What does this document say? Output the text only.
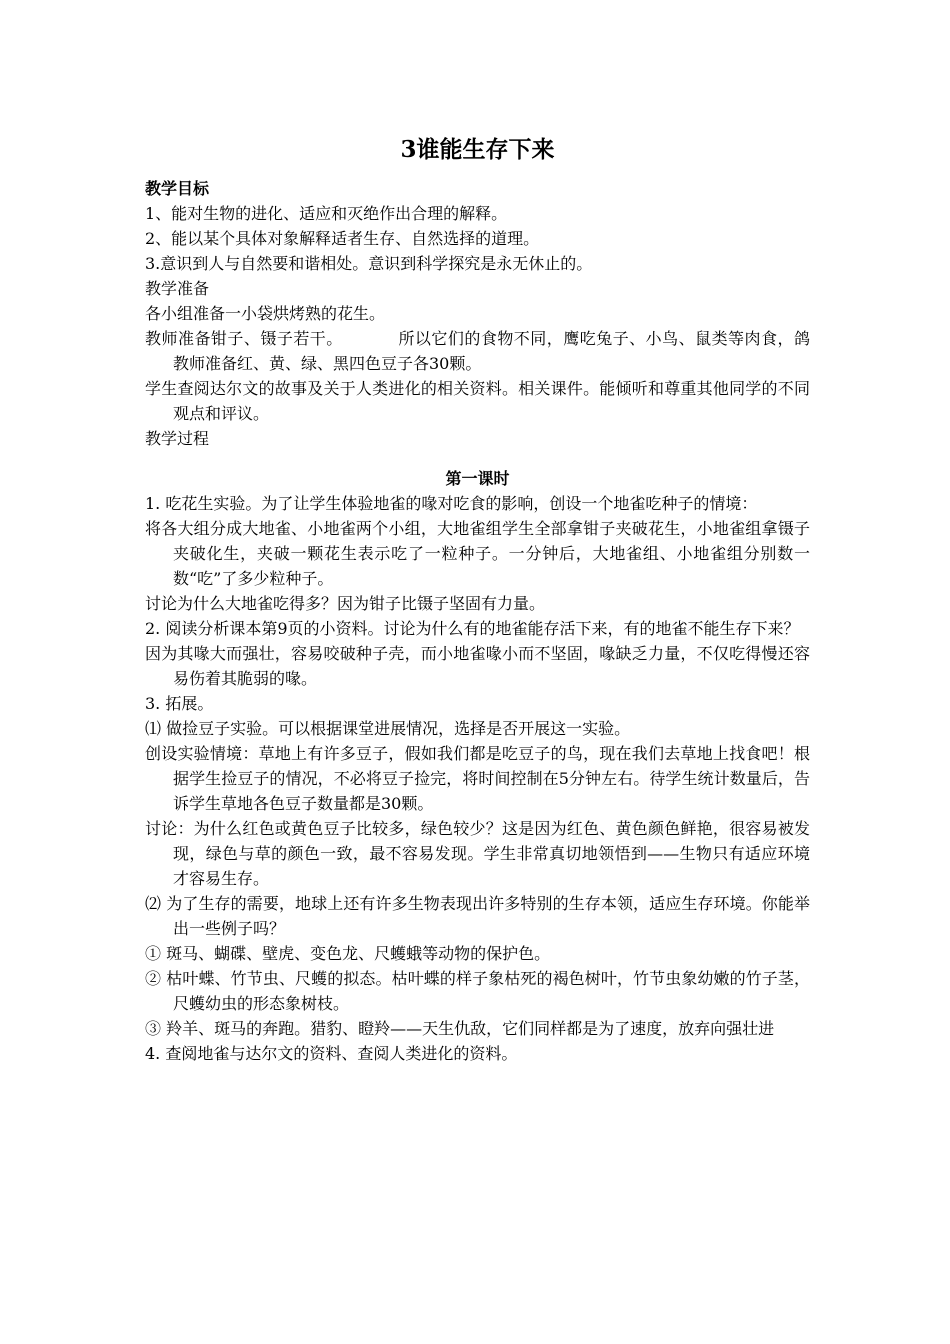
3谁能生存下来

教学目标

1、能对生物的进化、适应和灭绝作出合理的解释。

2、能以某个具体对象解释适者生存、自然选择的道理。

3.意识到人与自然要和谐相处。意识到科学探究是永无休止的。

教学准备

各小组准备一小袋烘烤熟的花生。

教师准备钳子、镊子若干。          所以它们的食物不同，鹰吃兔子、小鸟、鼠类等肉食，鸽  教师准备红、黄、绿、黑四色豆子各30颗。

学生查阅达尔文的故事及关于人类进化的相关资料。相关课件。能倾听和尊重其他同学的不同观点和评议。

教学过程

第一课时

1. 吃花生实验。为了让学生体验地雀的喙对吃食的影响，创设一个地雀吃种子的情境：

将各大组分成大地雀、小地雀两个小组，大地雀组学生全部拿钳子夹破花生，小地雀组拿镊子夹破化生，夹破一颗花生表示吃了一粒种子。一分钟后，大地雀组、小地雀组分别数一数“吃”了多少粒种子。

讨论为什么大地雀吃得多？因为钳子比镊子坚固有力量。

2. 阅读分析课本第9页的小资料。讨论为什么有的地雀能存活下来，有的地雀不能生存下来？

因为其喙大而强壮，容易咬破种子壳，而小地雀喙小而不坚固，喙缺乏力量，不仅吃得慢还容易伤着其脆弱的喙。

3. 拓展。

⑴ 做捡豆子实验。可以根据课堂进展情况，选择是否开展这一实验。

创设实验情境：草地上有许多豆子，假如我们都是吃豆子的鸟，现在我们去草地上找食吧！根据学生捡豆子的情况，不必将豆子捡完，将时间控制在5分钟左右。待学生统计数量后，告诉学生草地各色豆子数量都是30颗。

讨论：为什么红色或黄色豆子比较多，绿色较少？这是因为红色、黄色颜色鲜艳，很容易被发现，绿色与草的颜色一致，最不容易发现。学生非常真切地领悟到——生物只有适应环境才容易生存。

⑵ 为了生存的需要，地球上还有许多生物表现出许多特别的生存本领，适应生存环境。你能举出一些例子吗？

① 斑马、蝴碟、壁虎、变色龙、尺蠖蛾等动物的保护色。

② 枯叶蝶、竹节虫、尺蠖的拟态。枯叶蝶的样子象枯死的褐色树叶，竹节虫象幼嫩的竹子茎，尺蠖幼虫的形态象树枝。

③ 羚羊、斑马的奔跑。猎豹、瞪羚——天生仇敌，它们同样都是为了速度，放弃向强壮进

4. 查阅地雀与达尔文的资料、查阅人类进化的资料。
